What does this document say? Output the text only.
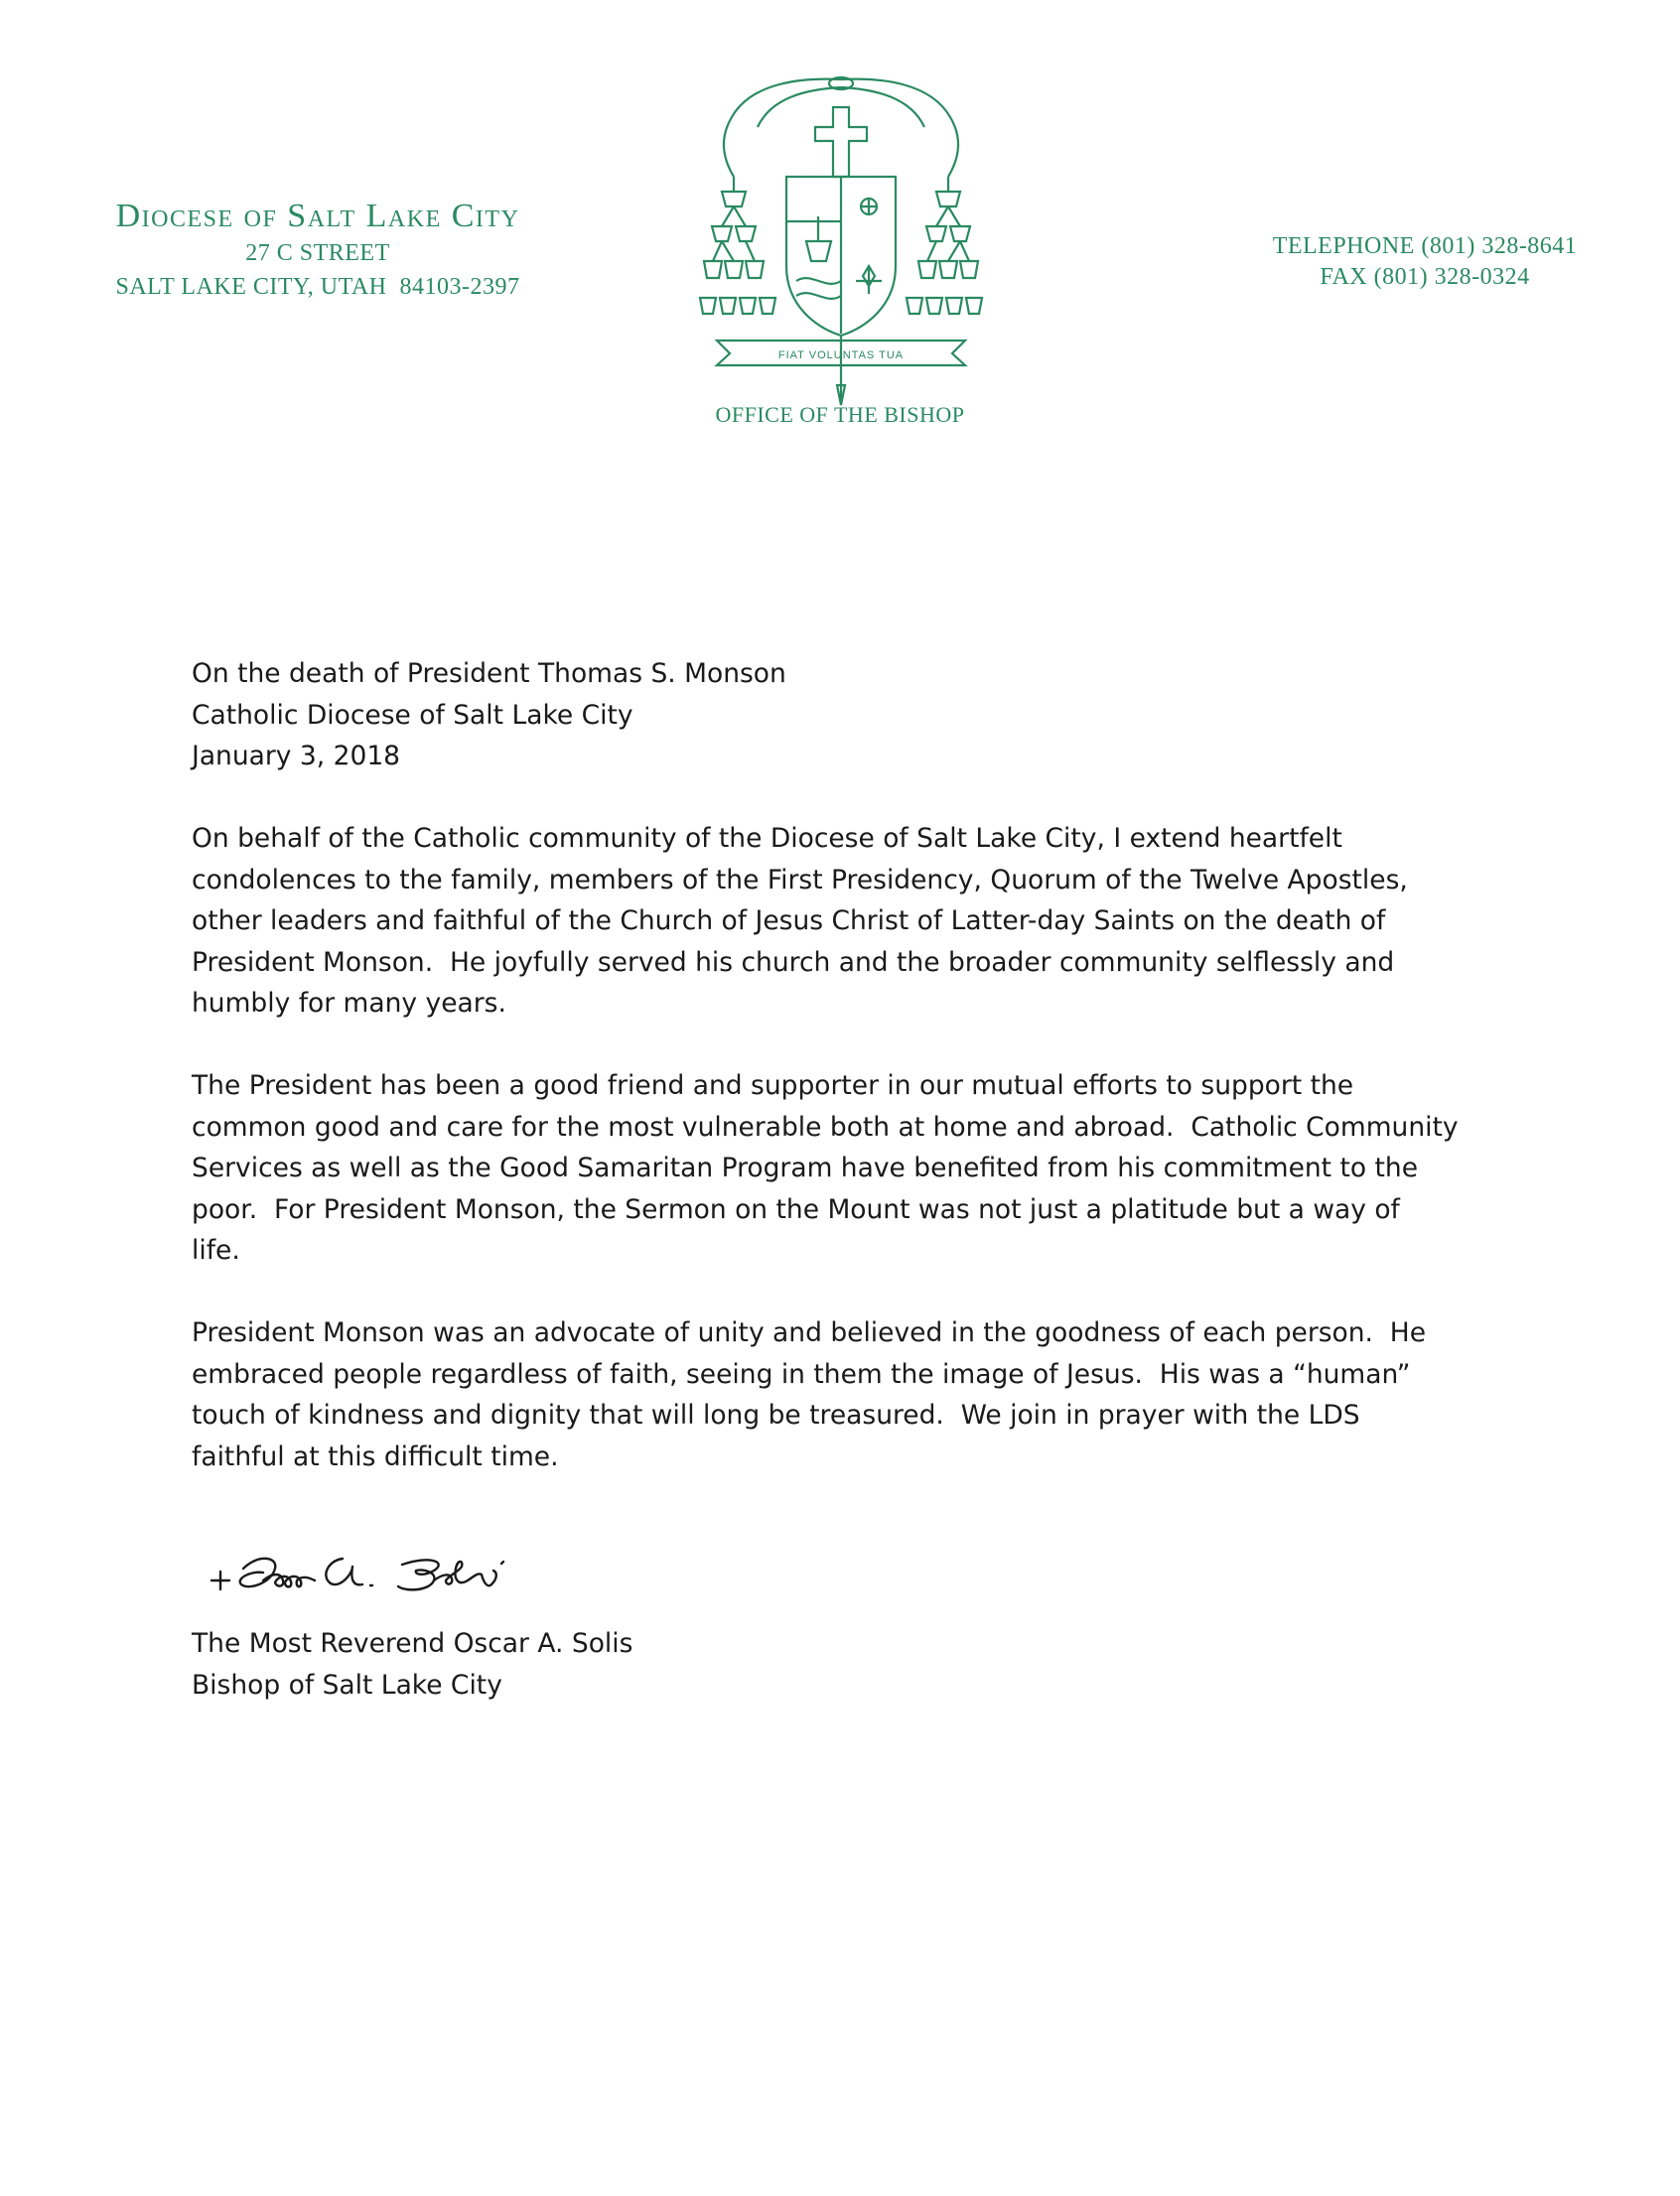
Diocese of Salt Lake City
27 C STREET
SALT LAKE CITY, UTAH  84103-2397
FIAT VOLUNTAS TUA
OFFICE OF THE BISHOP
TELEPHONE (801) 328-8641
FAX (801) 328-0324

On the death of President Thomas S. Monson

Catholic Diocese of Salt Lake City

January 3, 2018

On behalf of the Catholic community of the Diocese of Salt Lake City, I extend heartfelt

condolences to the family, members of the First Presidency, Quorum of the Twelve Apostles,

other leaders and faithful of the Church of Jesus Christ of Latter-day Saints on the death of

President Monson.  He joyfully served his church and the broader community selflessly and

humbly for many years.

The President has been a good friend and supporter in our mutual efforts to support the

common good and care for the most vulnerable both at home and abroad.  Catholic Community

Services as well as the Good Samaritan Program have benefited from his commitment to the

poor.  For President Monson, the Sermon on the Mount was not just a platitude but a way of

life.

President Monson was an advocate of unity and believed in the goodness of each person.  He

embraced people regardless of faith, seeing in them the image of Jesus.  His was a “human”

touch of kindness and dignity that will long be treasured.  We join in prayer with the LDS

faithful at this difficult time.

The Most Reverend Oscar A. Solis

Bishop of Salt Lake City
